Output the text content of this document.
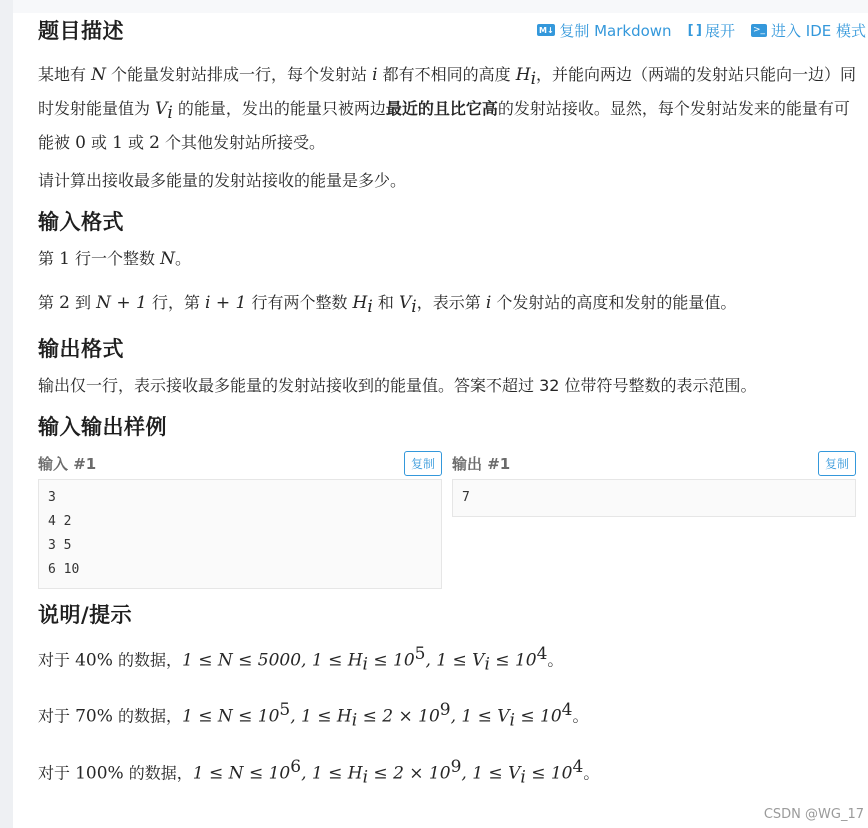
题目描述	M↓ 复制 Markdown [ ] 展开 >_ 进入 IDE 模式

某地有 N 个能量发射站排成一行，每个发射站 i 都有不相同的高度 $H_i$，并能向两边（两端的发射站只能向一边）同时发射能量值为 $V_i$ 的能量，发出的能量只被两边最近的且比它高的发射站接收。显然，每个发射站发来的能量有可能被 0 或 1 或 2 个其他发射站所接受。

请计算出接收最多能量的发射站接收的能量是多少。

输入格式

第 1 行一个整数 N。

第 2 到 N + 1 行，第 i + 1 行有两个整数 $H_i$ 和 $V_i$，表示第 i 个发射站的高度和发射的能量值。

输出格式

输出仅一行，表示接收最多能量的发射站接收到的能量值。答案不超过 32 位带符号整数的表示范围。

输入输出样例
输入 #1	复制
3
4 2
3 5
6 10
输出 #1	复制
7
说明/提示

对于 40% 的数据，1 ≤ N ≤ 5000, $1 \le H_i \le 10^5$, $1 \le V_i \le 10^4$。

对于 70% 的数据，$1 \le N \le 10^5$, $1 \le H_i \le 2 \times 10^9$, $1 \le V_i \le 10^4$。

对于 100% 的数据，$1 \le N \le 10^6$, $1 \le H_i \le 2 \times 10^9$, $1 \le V_i \le 10^4$。

CSDN @WG_17
